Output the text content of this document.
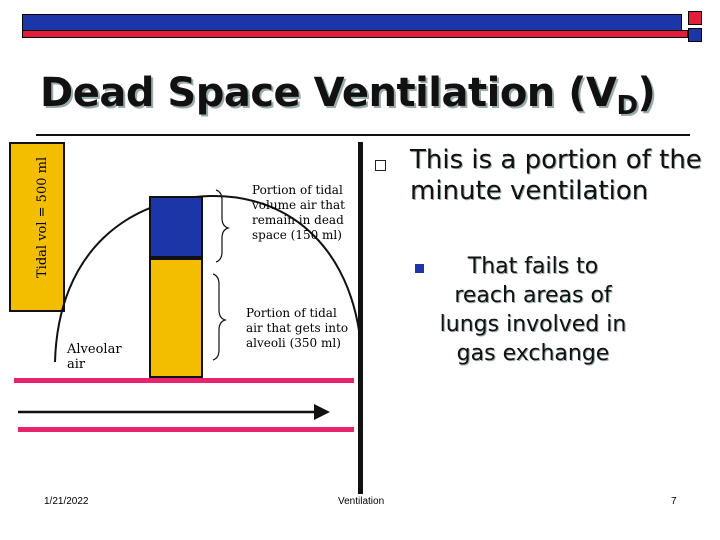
Dead Space Ventilation $(V_D)$
Tidal vol = 500 ml	Portion of tidal volume air that remain in dead space (150 ml)
Portion of tidal air that gets into alveoli (350 ml)
Alveolar air
This is a portion of the minute ventilation
That fails to reach areas of lungs involved in gas exchange
1/21/2022	Ventilation	7
